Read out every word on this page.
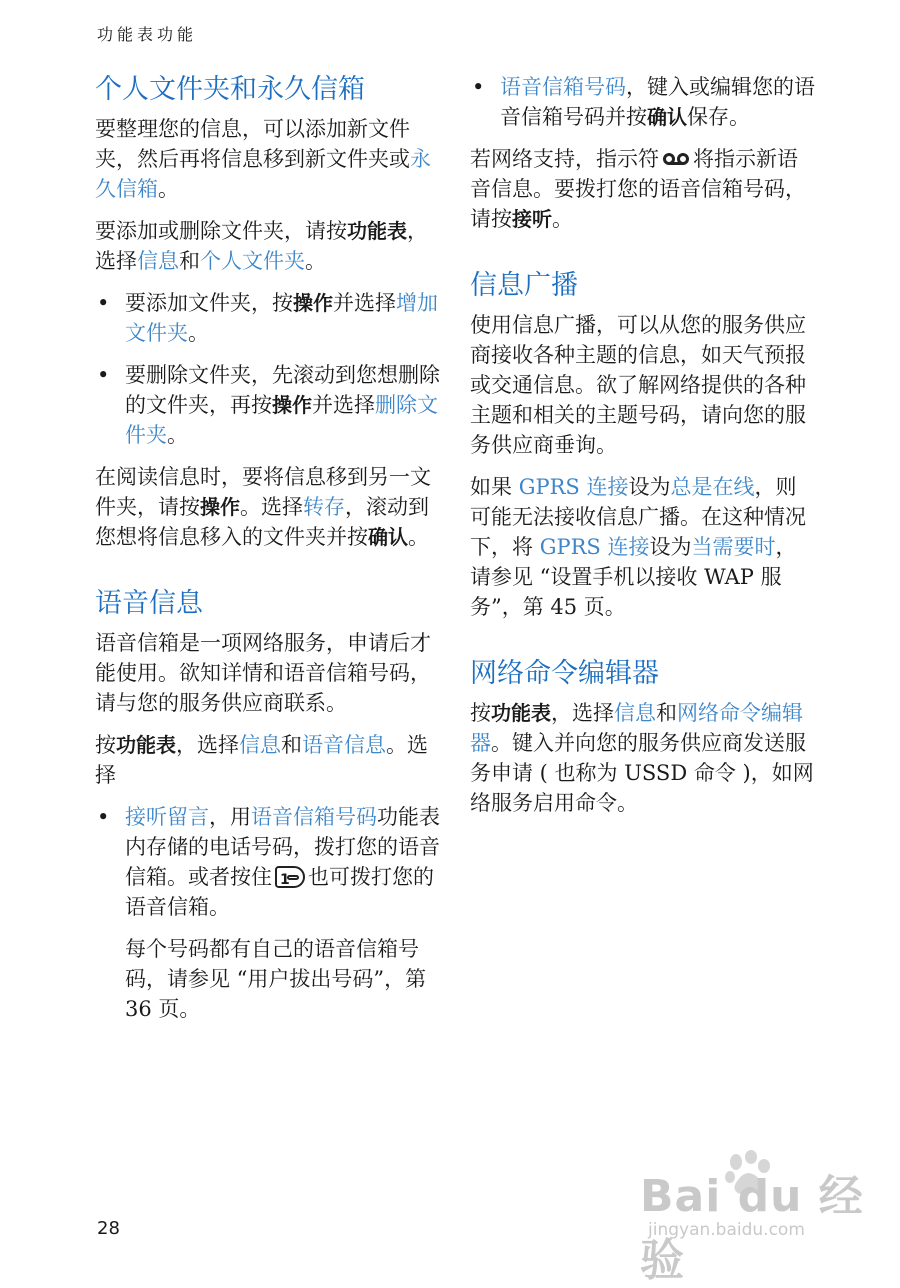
功能表功能
个人文件夹和永久信箱

要整理您的信息，可以添加新文件夹，然后再将信息移到新文件夹或永久信箱。

要添加或删除文件夹，请按功能表，选择信息和个人文件夹。

• 要添加文件夹，按操作并选择增加文件夹。
• 要删除文件夹，先滚动到您想删除的文件夹，再按操作并选择删除文件夹。

在阅读信息时，要将信息移到另一文件夹，请按操作。选择转存，滚动到您想将信息移入的文件夹并按确认。

语音信息

语音信箱是一项网络服务，申请后才能使用。欲知详情和语音信箱号码，请与您的服务供应商联系。

按功能表，选择信息和语音信息。选择

• 接听留言，用语音信箱号码功能表内存储的电话号码，拨打您的语音信箱。或者按住1 也可拨打您的语音信箱。
每个号码都有自己的语音信箱号码，请参见 “用户拔出号码”，第 36 页。
• 语音信箱号码，键入或编辑您的语音信箱号码并按确认保存。

若网络支持，指示符 将指示新语音信息。要拨打您的语音信箱号码，请按接听。

信息广播

使用信息广播，可以从您的服务供应商接收各种主题的信息，如天气预报或交通信息。欲了解网络提供的各种主题和相关的主题号码，请向您的服务供应商垂询。

如果 GPRS 连接设为总是在线，则可能无法接收信息广播。在这种情况下，将 GPRS 连接设为当需要时，请参见 “设置手机以接收 WAP 服务”，第 45 页。

网络命令编辑器

按功能表，选择信息和网络命令编辑器。键入并向您的服务供应商发送服务申请 ( 也称为 USSD 命令 )，如网络服务启用命令。

28
Bai du 经验
jingyan.baidu.com
